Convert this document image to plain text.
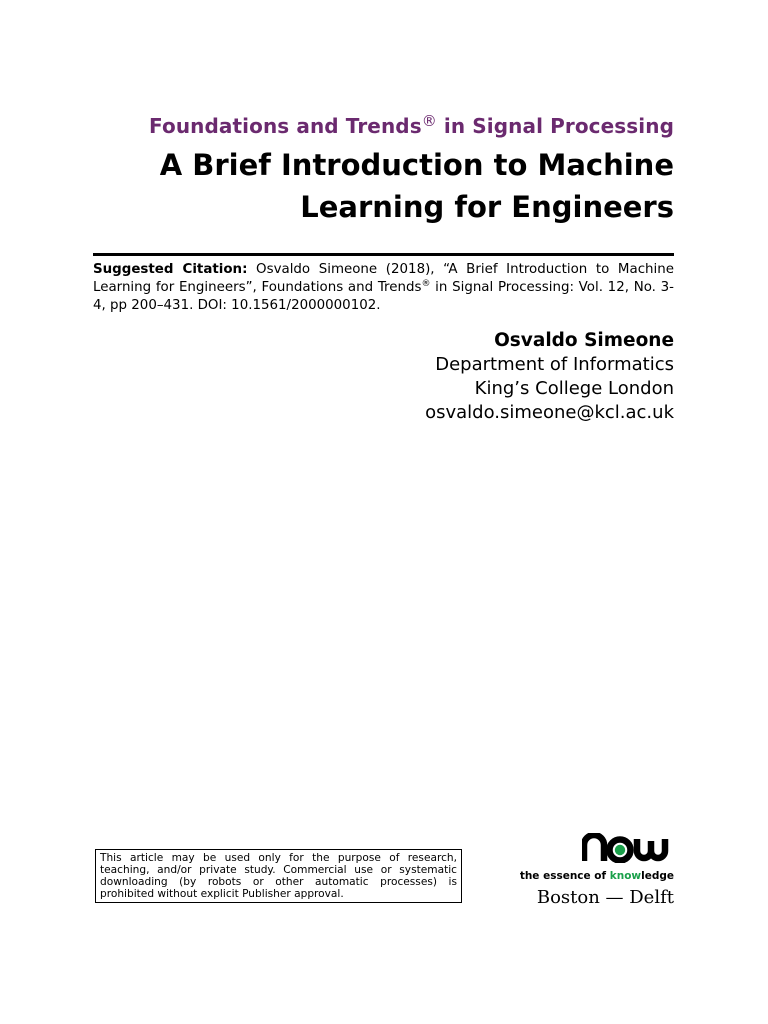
Foundations and Trends® in Signal Processing
A Brief Introduction to Machine
Learning for Engineers
Suggested Citation: Osvaldo Simeone (2018), “A Brief Introduction to Machine Learning for Engineers”, Foundations and Trends® in Signal Processing: Vol. 12, No. 3-4, pp 200–431. DOI: 10.1561/2000000102.
Osvaldo Simeone
Department of Informatics
King’s College London
osvaldo.simeone@kcl.ac.uk
This article may be used only for the purpose of research, teaching, and/or private study. Commercial use or systematic downloading (by robots or other automatic processes) is prohibited without explicit Publisher approval.
the essence of knowledge
Boston — Delft
